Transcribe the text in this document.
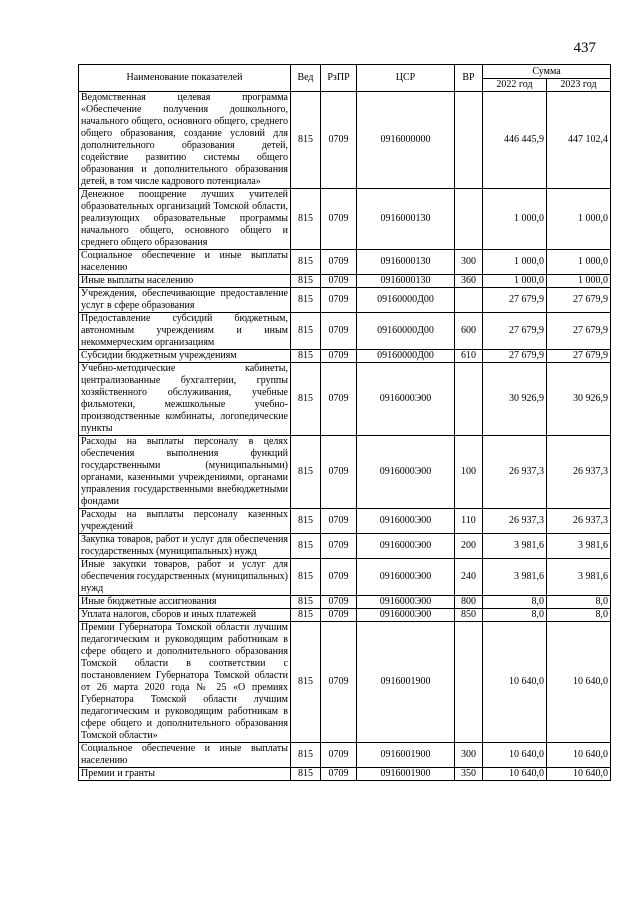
437
Наименование показателей	Вед	РзПР	ЦСР	ВР	Сумма	
					2022 год	2023 год
Ведомственная целевая программа «Обеспечение получения дошкольного, начального общего, основного общего, среднего общего образования, создание условий для дополнительного образования детей, содействие развитию системы общего образования и дополнительного образования детей, в том числе кадрового потенциала»	815	0709	0916000000		446 445,9	447 102,4
Денежное поощрение лучших учителей образовательных организаций Томской области, реализующих образовательные программы начального общего, основного общего и среднего общего образования	815	0709	0916000130		1 000,0	1 000,0
Социальное обеспечение и иные выплаты населению	815	0709	0916000130	300	1 000,0	1 000,0
Иные выплаты населению	815	0709	0916000130	360	1 000,0	1 000,0
Учреждения, обеспечивающие предоставление услуг в сфере образования	815	0709	09160000Д00		27 679,9	27 679,9
Предоставление субсидий бюджетным, автономным учреждениям и иным некоммерческим организациям	815	0709	09160000Д00	600	27 679,9	27 679,9
Субсидии бюджетным учреждениям	815	0709	09160000Д00	610	27 679,9	27 679,9
Учебно-методические кабинеты, централизованные бухгалтерии, группы хозяйственного обслуживания, учебные фильмотеки, межшкольные учебно-производственные комбинаты, логопедические пункты	815	0709	0916000Э00		30 926,9	30 926,9
Расходы на выплаты персоналу в целях обеспечения выполнения функций государственными (муниципальными) органами, казенными учреждениями, органами управления государственными внебюджетными фондами	815	0709	0916000Э00	100	26 937,3	26 937,3
Расходы на выплаты персоналу казенных учреждений	815	0709	0916000Э00	110	26 937,3	26 937,3
Закупка товаров, работ и услуг для обеспечения государственных (муниципальных) нужд	815	0709	0916000Э00	200	3 981,6	3 981,6
Иные закупки товаров, работ и услуг для обеспечения государственных (муниципальных) нужд	815	0709	0916000Э00	240	3 981,6	3 981,6
Иные бюджетные ассигнования	815	0709	0916000Э00	800	8,0	8,0
Уплата налогов, сборов и иных платежей	815	0709	0916000Э00	850	8,0	8,0
Премии Губернатора Томской области лучшим педагогическим и руководящим работникам в сфере общего и дополнительного образования Томской области в соответствии с постановлением Губернатора Томской области от 26 марта 2020 года № 25 «О премиях Губернатора Томской области лучшим педагогическим и руководящим работникам в сфере общего и дополнительного образования Томской области»	815	0709	0916001900		10 640,0	10 640,0
Социальное обеспечение и иные выплаты населению	815	0709	0916001900	300	10 640,0	10 640,0
Премии и гранты	815	0709	0916001900	350	10 640,0	10 640,0
